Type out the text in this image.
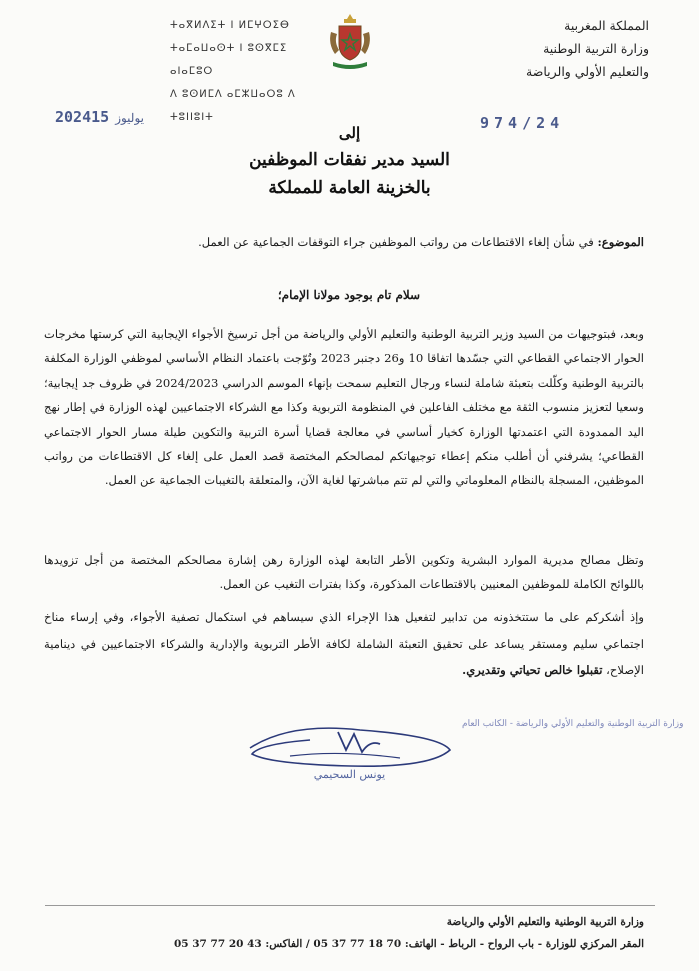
المملكة المغربية
وزارة التربية الوطنية
والتعليم الأولي والرياضة
ⵜⴰⴳⵍⴷⵉⵜ ⵏ ⵍⵎⵖⵔⵉⴱ
ⵜⴰⵎⴰⵡⴰⵙⵜ ⵏ ⵓⵙⴳⵎⵉ ⴰⵏⴰⵎⵓⵔ
ⴷ ⵓⵙⵍⵎⴷ ⴰⵎⵣⵡⴰⵔⵓ ⴷ ⵜⵓⵏⵏⵓⵏⵜ
2024 يوليوز15	974/24
إلى
السيد مدير نفقات الموظفين
بالخزينة العامة للمملكة
الموضوع: في شأن إلغاء الاقتطاعات من رواتب الموظفين جراء التوقفات الجماعية عن العمل.
سلام تام بوجود مولانا الإمام؛
وبعد، فبتوجيهات من السيد وزير التربية الوطنية والتعليم الأولي والرياضة من أجل ترسيخ الأجواء الإيجابية التي كرستها مخرجات الحوار الاجتماعي القطاعي التي جسّدها اتفاقا 10 و26 دجنبر 2023 وتُوّجت باعتماد النظام الأساسي لموظفي الوزارة المكلفة بالتربية الوطنية وكلّلت بتعبئة شاملة لنساء ورجال التعليم سمحت بإنهاء الموسم الدراسي 2024/2023 في ظروف جد إيجابية؛ وسعيا لتعزيز منسوب الثقة مع مختلف الفاعلين في المنظومة التربوية وكذا مع الشركاء الاجتماعيين لهذه الوزارة في إطار نهج اليد الممدودة التي اعتمدتها الوزارة كخيار أساسي في معالجة قضايا أسرة التربية والتكوين طيلة مسار الحوار الاجتماعي القطاعي؛ يشرفني أن أطلب منكم إعطاء توجيهاتكم لمصالحكم المختصة قصد العمل على إلغاء كل الاقتطاعات من رواتب الموظفين، المسجلة بالنظام المعلوماتي والتي لم تتم مباشرتها لغاية الآن، والمتعلقة بالتغيبات الجماعية عن العمل.
وتظل مصالح مديرية الموارد البشرية وتكوين الأطر التابعة لهذه الوزارة رهن إشارة مصالحكم المختصة من أجل تزويدها باللوائح الكاملة للموظفين المعنيين بالاقتطاعات المذكورة، وكذا بفترات التغيب عن العمل.
وإذ أشكركم على ما ستتخذونه من تدابير لتفعيل هذا الإجراء الذي سيساهم في استكمال تصفية الأجواء، وفي إرساء مناخ اجتماعي سليم ومستقر يساعد على تحقيق التعبئة الشاملة لكافة الأطر التربوية والإدارية والشركاء الاجتماعيين في دينامية الإصلاح، تقبلوا خالص تحياتي وتقديري.
وزارة التربية الوطنية والتعليم الأولي والرياضة - الكاتب العام
يونس السحيمي
وزارة التربية الوطنية والتعليم الأولي والرياضة
المقر المركزي للوزارة - باب الرواح - الرباط - الهاتف: 70 18 77 37 05 / الفاكس: 43 20 77 37 05
